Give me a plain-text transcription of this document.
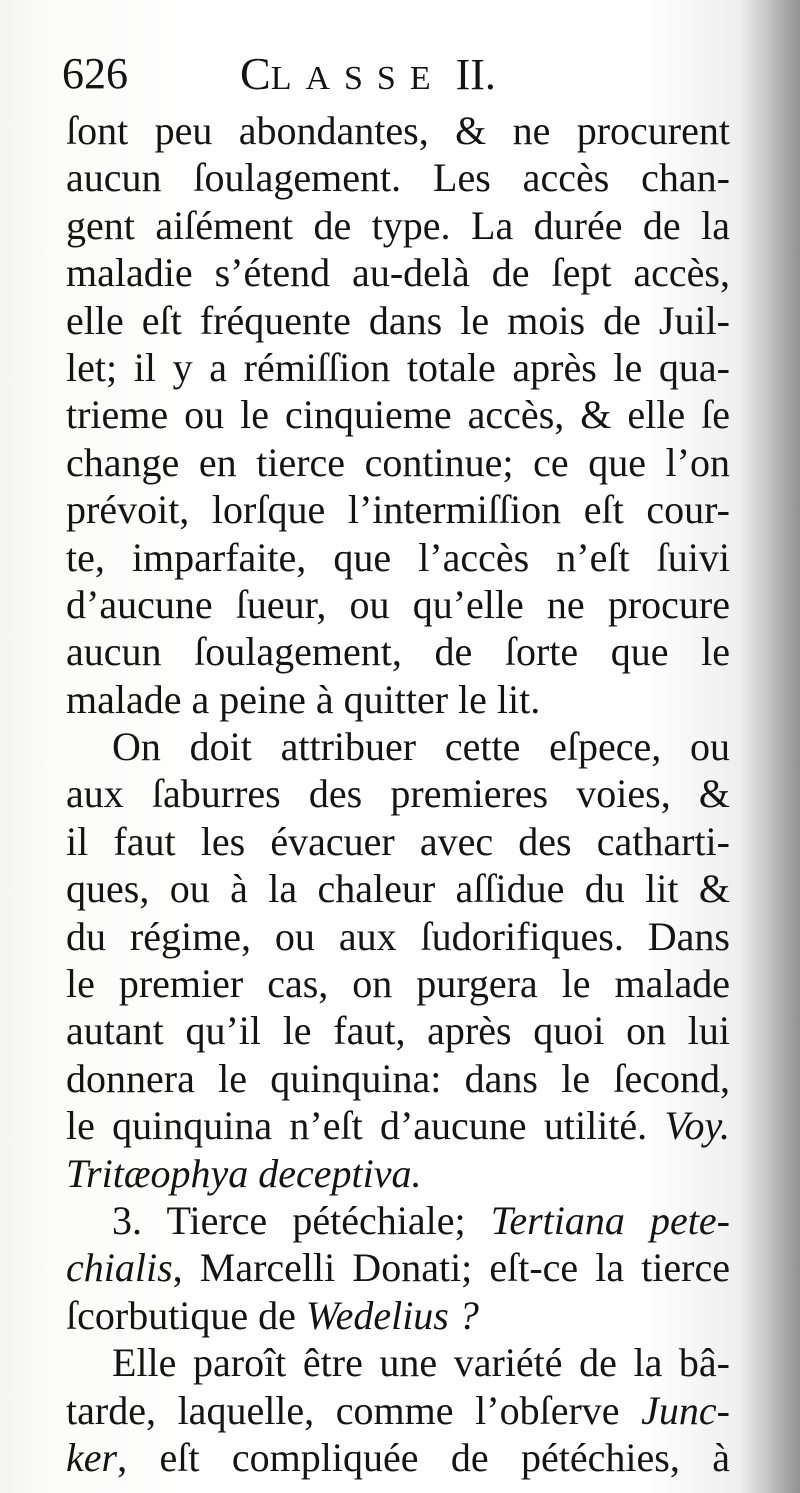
626 CLASSE II.
ſont peu abondantes, & ne procurent
aucun ſoulagement. Les accès chan-
gent aiſément de type. La durée de la
maladie s’étend au-delà de ſept accès,
elle eſt fréquente dans le mois de Juil-
let; il y a rémiſſion totale après le qua-
trieme ou le cinquieme accès, & elle ſe
change en tierce continue; ce que l’on
prévoit, lorſque l’intermiſſion eſt cour-
te, imparfaite, que l’accès n’eſt ſuivi
d’aucune ſueur, ou qu’elle ne procure
aucun ſoulagement, de ſorte que le
malade a peine à quitter le lit.
On doit attribuer cette eſpece, ou
aux ſaburres des premieres voies, &
il faut les évacuer avec des catharti-
ques, ou à la chaleur aſſidue du lit &
du régime, ou aux ſudorifiques. Dans
le premier cas, on purgera le malade
autant qu’il le faut, après quoi on lui
donnera le quinquina: dans le ſecond,
le quinquina n’eſt d’aucune utilité. Voy.
Tritæophya deceptiva.
3. Tierce pétéchiale; Tertiana pete-
chialis, Marcelli Donati; eſt-ce la tierce
ſcorbutique de Wedelius ?
Elle paroît être une variété de la bâ-
tarde, laquelle, comme l’obſerve Junc-
ker, eſt compliquée de pétéchies, à
